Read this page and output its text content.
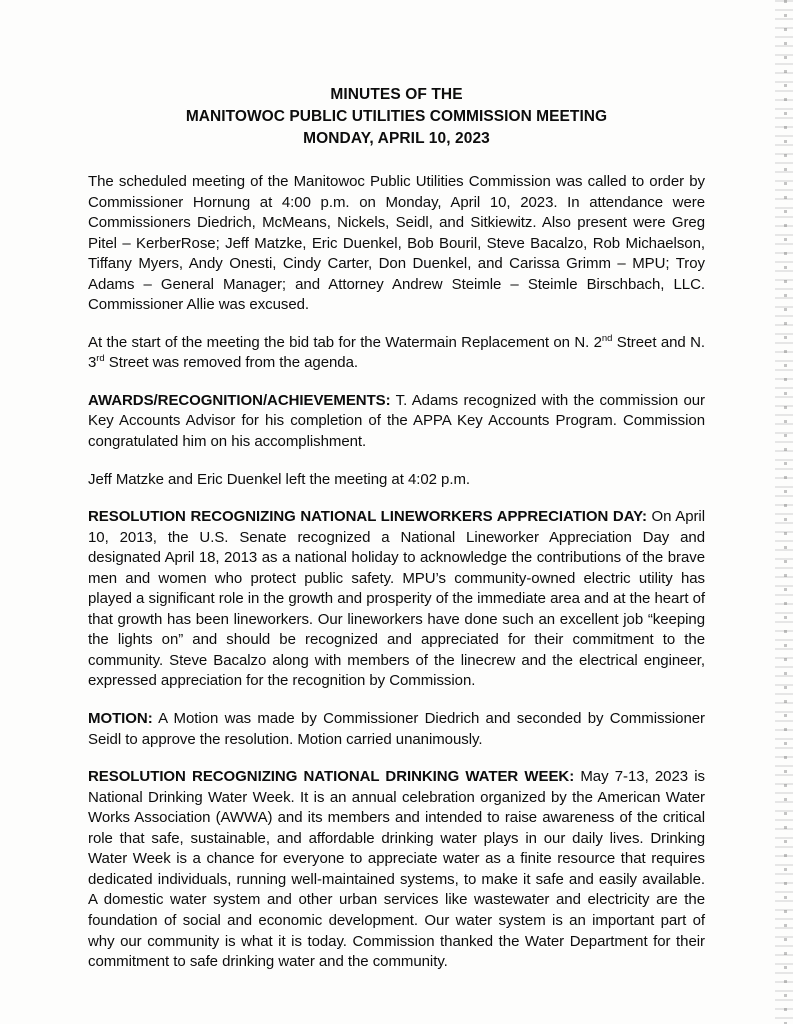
MINUTES OF THE
MANITOWOC PUBLIC UTILITIES COMMISSION MEETING
MONDAY, APRIL 10, 2023

The scheduled meeting of the Manitowoc Public Utilities Commission was called to order by Commissioner Hornung at 4:00 p.m. on Monday, April 10, 2023. In attendance were Commissioners Diedrich, McMeans, Nickels, Seidl, and Sitkiewitz. Also present were Greg Pitel – KerberRose; Jeff Matzke, Eric Duenkel, Bob Bouril, Steve Bacalzo, Rob Michaelson, Tiffany Myers, Andy Onesti, Cindy Carter, Don Duenkel, and Carissa Grimm – MPU; Troy Adams – General Manager; and Attorney Andrew Steimle – Steimle Birschbach, LLC. Commissioner Allie was excused.

At the start of the meeting the bid tab for the Watermain Replacement on N. 2nd Street and N. 3rd Street was removed from the agenda.

AWARDS/RECOGNITION/ACHIEVEMENTS: T. Adams recognized with the commission our Key Accounts Advisor for his completion of the APPA Key Accounts Program. Commission congratulated him on his accomplishment.

Jeff Matzke and Eric Duenkel left the meeting at 4:02 p.m.

RESOLUTION RECOGNIZING NATIONAL LINEWORKERS APPRECIATION DAY: On April 10, 2013, the U.S. Senate recognized a National Lineworker Appreciation Day and designated April 18, 2013 as a national holiday to acknowledge the contributions of the brave men and women who protect public safety. MPU’s community-owned electric utility has played a significant role in the growth and prosperity of the immediate area and at the heart of that growth has been lineworkers. Our lineworkers have done such an excellent job “keeping the lights on” and should be recognized and appreciated for their commitment to the community. Steve Bacalzo along with members of the linecrew and the electrical engineer, expressed appreciation for the recognition by Commission.

MOTION: A Motion was made by Commissioner Diedrich and seconded by Commissioner Seidl to approve the resolution. Motion carried unanimously.

RESOLUTION RECOGNIZING NATIONAL DRINKING WATER WEEK: May 7-13, 2023 is National Drinking Water Week. It is an annual celebration organized by the American Water Works Association (AWWA) and its members and intended to raise awareness of the critical role that safe, sustainable, and affordable drinking water plays in our daily lives. Drinking Water Week is a chance for everyone to appreciate water as a finite resource that requires dedicated individuals, running well-maintained systems, to make it safe and easily available. A domestic water system and other urban services like wastewater and electricity are the foundation of social and economic development. Our water system is an important part of why our community is what it is today. Commission thanked the Water Department for their commitment to safe drinking water and the community.
